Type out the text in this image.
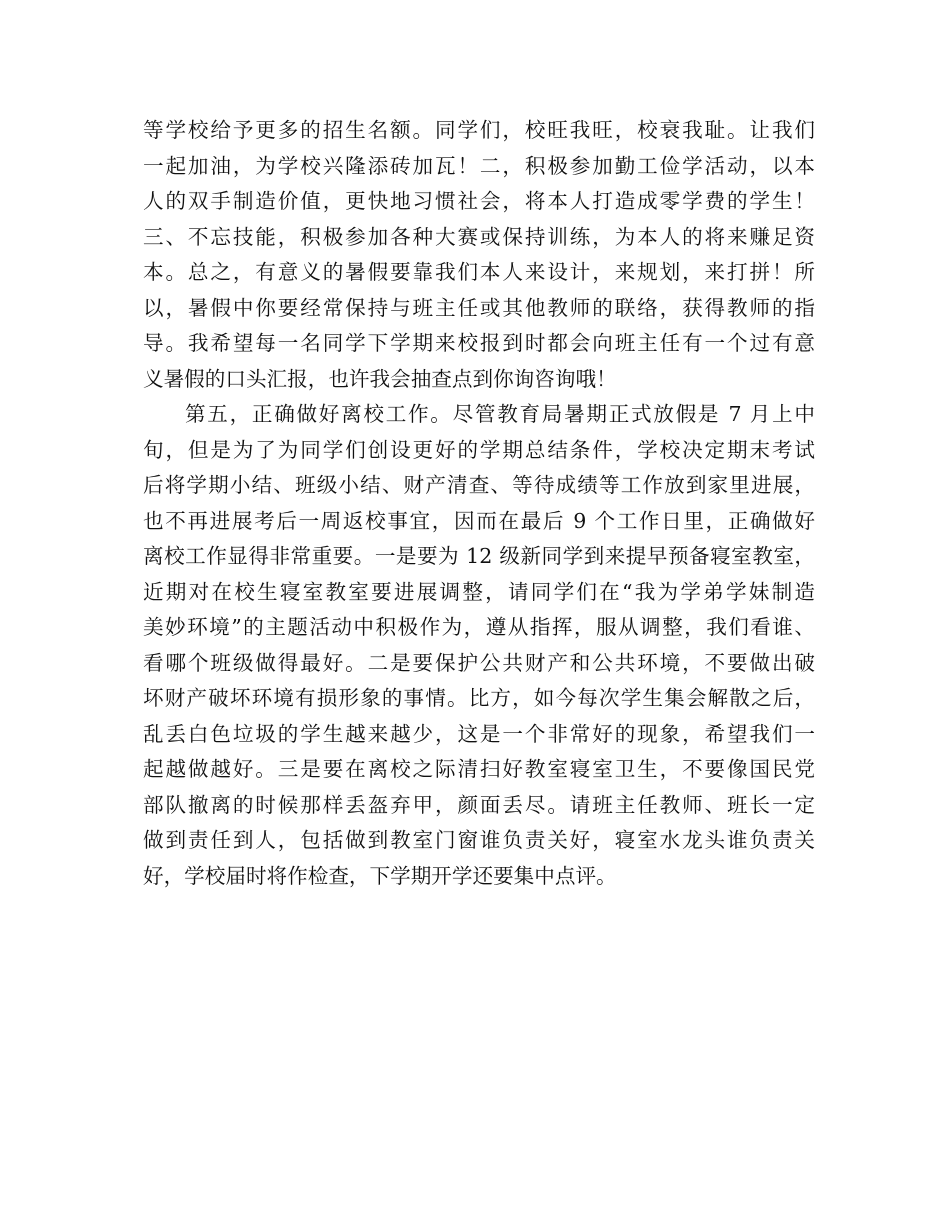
等学校给予更多的招生名额。同学们，校旺我旺，校衰我耻。让我们
一起加油，为学校兴隆添砖加瓦！二，积极参加勤工俭学活动，以本
人的双手制造价值，更快地习惯社会，将本人打造成零学费的学生！
三、不忘技能，积极参加各种大赛或保持训练，为本人的将来赚足资
本。总之，有意义的暑假要靠我们本人来设计，来规划，来打拼！所
以，暑假中你要经常保持与班主任或其他教师的联络，获得教师的指
导。我希望每一名同学下学期来校报到时都会向班主任有一个过有意
义暑假的口头汇报，也许我会抽查点到你询咨询哦！
第五，正确做好离校工作。尽管教育局暑期正式放假是 7 月上中
旬，但是为了为同学们创设更好的学期总结条件，学校决定期末考试
后将学期小结、班级小结、财产清查、等待成绩等工作放到家里进展，
也不再进展考后一周返校事宜，因而在最后 9 个工作日里，正确做好
离校工作显得非常重要。一是要为 12 级新同学到来提早预备寝室教室，
近期对在校生寝室教室要进展调整，请同学们在“我为学弟学妹制造
美妙环境”的主题活动中积极作为，遵从指挥，服从调整，我们看谁、
看哪个班级做得最好。二是要保护公共财产和公共环境，不要做出破
坏财产破坏环境有损形象的事情。比方，如今每次学生集会解散之后，
乱丢白色垃圾的学生越来越少，这是一个非常好的现象，希望我们一
起越做越好。三是要在离校之际清扫好教室寝室卫生，不要像国民党
部队撤离的时候那样丢盔弃甲，颜面丢尽。请班主任教师、班长一定
做到责任到人，包括做到教室门窗谁负责关好，寝室水龙头谁负责关
好，学校届时将作检查，下学期开学还要集中点评。
